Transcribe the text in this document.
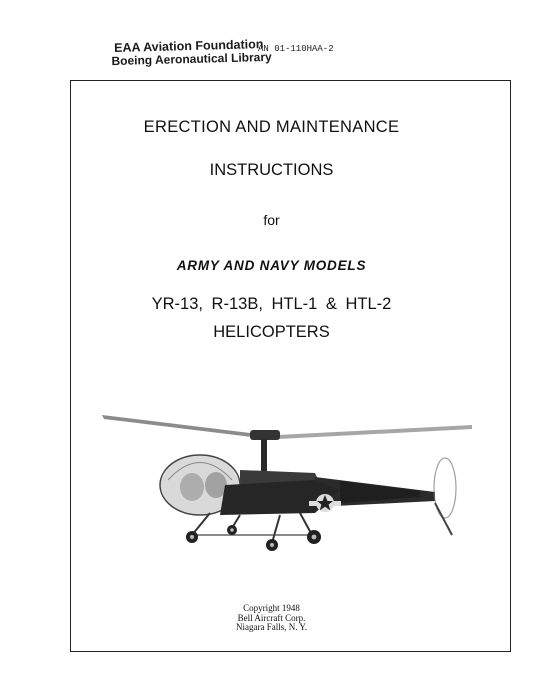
EAA Aviation Foundation
Boeing Aeronautical Library
AN 01-110HAA-2
ERECTION AND MAINTENANCE
INSTRUCTIONS
for
ARMY AND NAVY MODELS
YR-13, R-13B, HTL-1 & HTL-2
HELICOPTERS
Copyright 1948
Bell Aircraft Corp.
Niagara Falls, N. Y.
